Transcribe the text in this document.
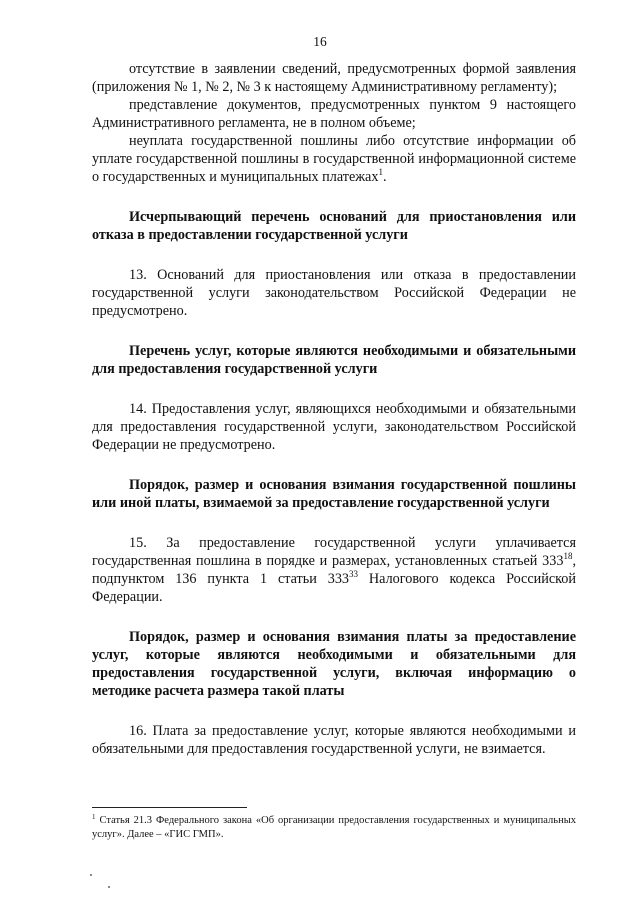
16

отсутствие в заявлении сведений, предусмотренных формой заявления (приложения № 1, № 2, № 3 к настоящему Административному регламенту);

представление документов, предусмотренных пунктом 9 настоящего Административного регламента, не в полном объеме;

неуплата государственной пошлины либо отсутствие информации об уплате государственной пошлины в государственной информационной системе о государственных и муниципальных платежах$^1$.

Исчерпывающий перечень оснований для приостановления или отказа в предоставлении государственной услуги

13. Оснований для приостановления или отказа в предоставлении государственной услуги законодательством Российской Федерации не предусмотрено.

Перечень услуг, которые являются необходимыми и обязательными для предоставления государственной услуги

14. Предоставления услуг, являющихся необходимыми и обязательными для предоставления государственной услуги, законодательством Российской Федерации не предусмотрено.

Порядок, размер и основания взимания государственной пошлины или иной платы, взимаемой за предоставление государственной услуги

15. За предоставление государственной услуги уплачивается государственная пошлина в порядке и размерах, установленных статьей $333^{18}$, подпунктом 136 пункта 1 статьи $333^{33}$ Налогового кодекса Российской Федерации.

Порядок, размер и основания взимания платы за предоставление услуг, которые являются необходимыми и обязательными для предоставления государственной услуги, включая информацию о методике расчета размера такой платы

16. Плата за предоставление услуг, которые являются необходимыми и обязательными для предоставления государственной услуги, не взимается.

$^1$ Статья 21.3 Федерального закона «Об организации предоставления государственных и муниципальных услуг». Далее – «ГИС ГМП».
